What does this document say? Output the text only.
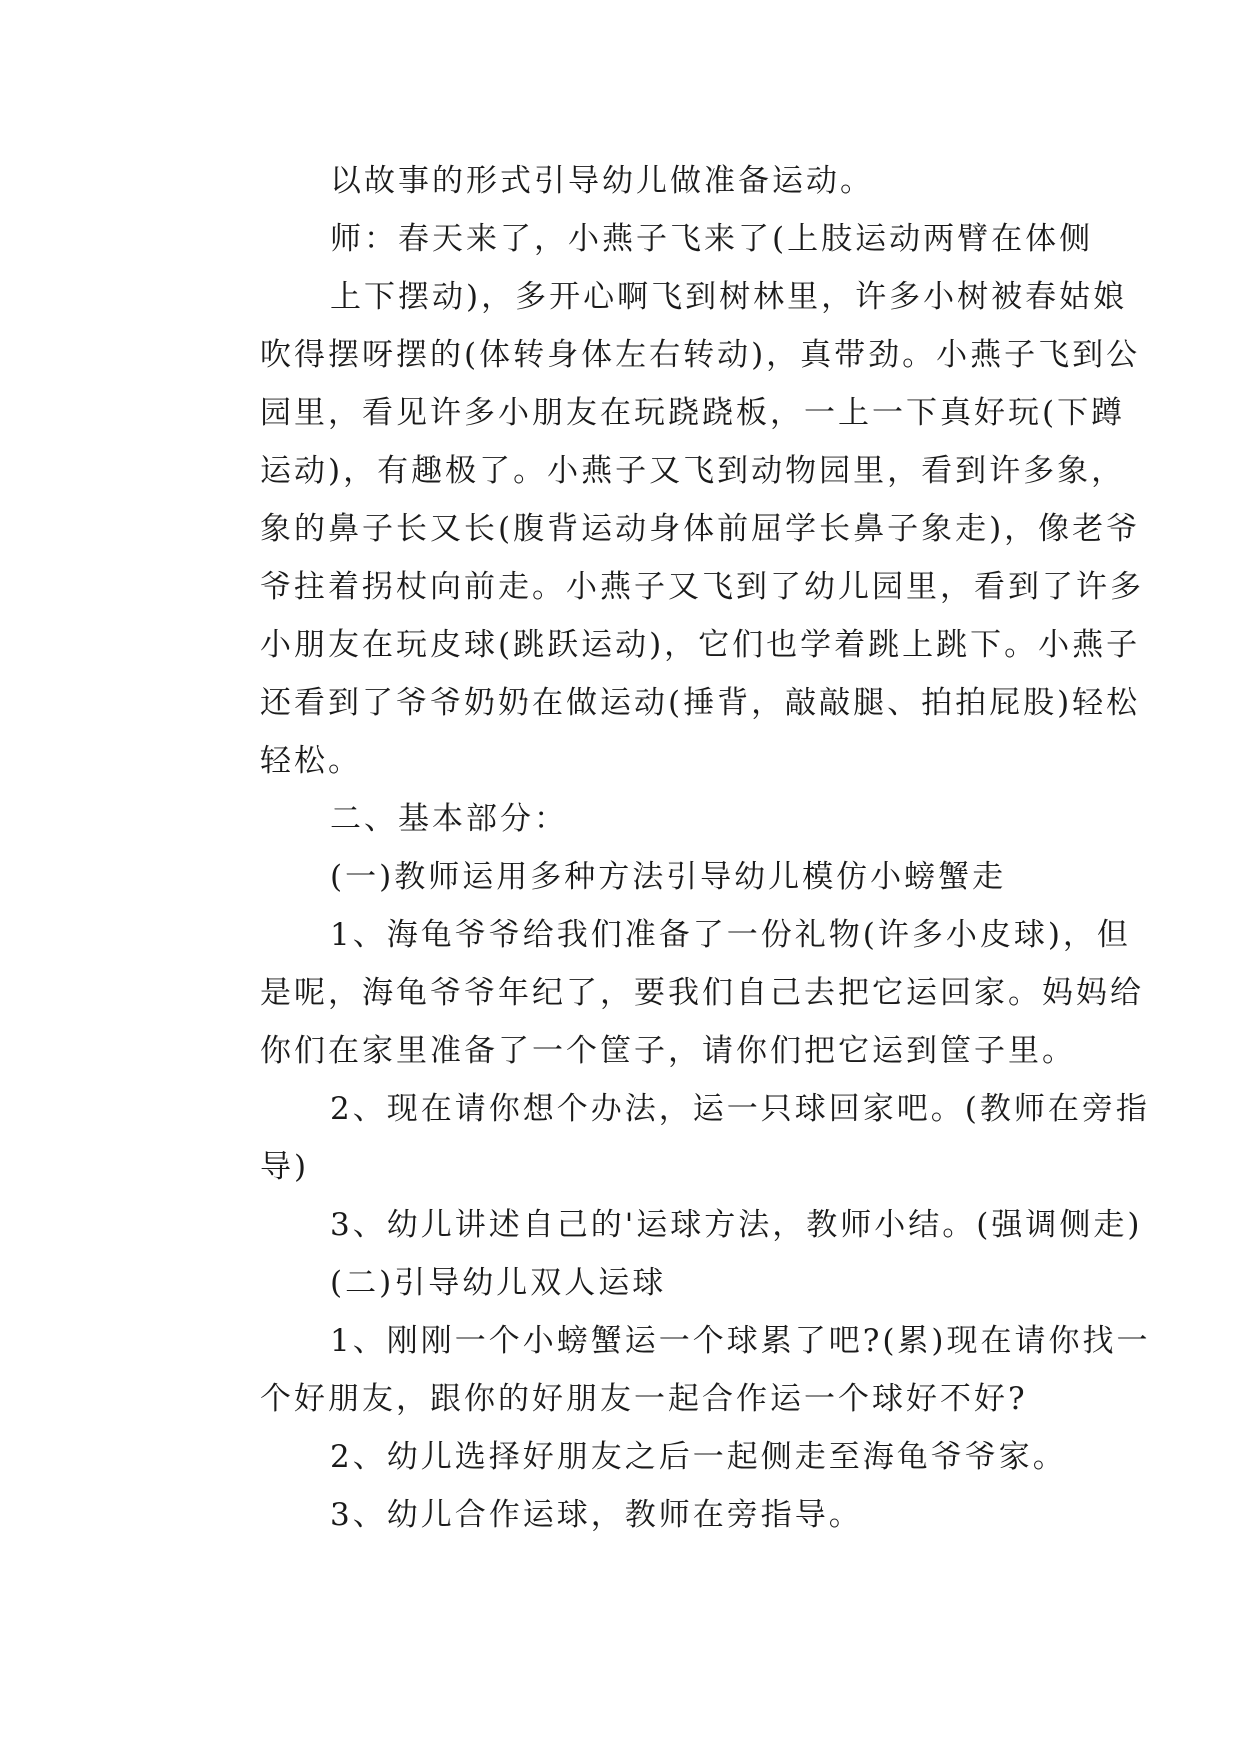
以故事的形式引导幼儿做准备运动。
师：春天来了，小燕子飞来了(上肢运动两臂在体侧
上下摆动)，多开心啊飞到树林里，许多小树被春姑娘
吹得摆呀摆的(体转身体左右转动)，真带劲。小燕子飞到公
园里，看见许多小朋友在玩跷跷板，一上一下真好玩(下蹲
运动)，有趣极了。小燕子又飞到动物园里，看到许多象，
象的鼻子长又长(腹背运动身体前屈学长鼻子象走)，像老爷
爷拄着拐杖向前走。小燕子又飞到了幼儿园里，看到了许多
小朋友在玩皮球(跳跃运动)，它们也学着跳上跳下。小燕子
还看到了爷爷奶奶在做运动(捶背，敲敲腿、拍拍屁股)轻松
轻松。
二、基本部分：
(一)教师运用多种方法引导幼儿模仿小螃蟹走
1、海龟爷爷给我们准备了一份礼物(许多小皮球)，但
是呢，海龟爷爷年纪了，要我们自己去把它运回家。妈妈给
你们在家里准备了一个筐子，请你们把它运到筐子里。
2、现在请你想个办法，运一只球回家吧。(教师在旁指
导)
3、幼儿讲述自己的'运球方法，教师小结。(强调侧走)
(二)引导幼儿双人运球
1、刚刚一个小螃蟹运一个球累了吧?(累)现在请你找一
个好朋友，跟你的好朋友一起合作运一个球好不好?
2、幼儿选择好朋友之后一起侧走至海龟爷爷家。
3、幼儿合作运球，教师在旁指导。
